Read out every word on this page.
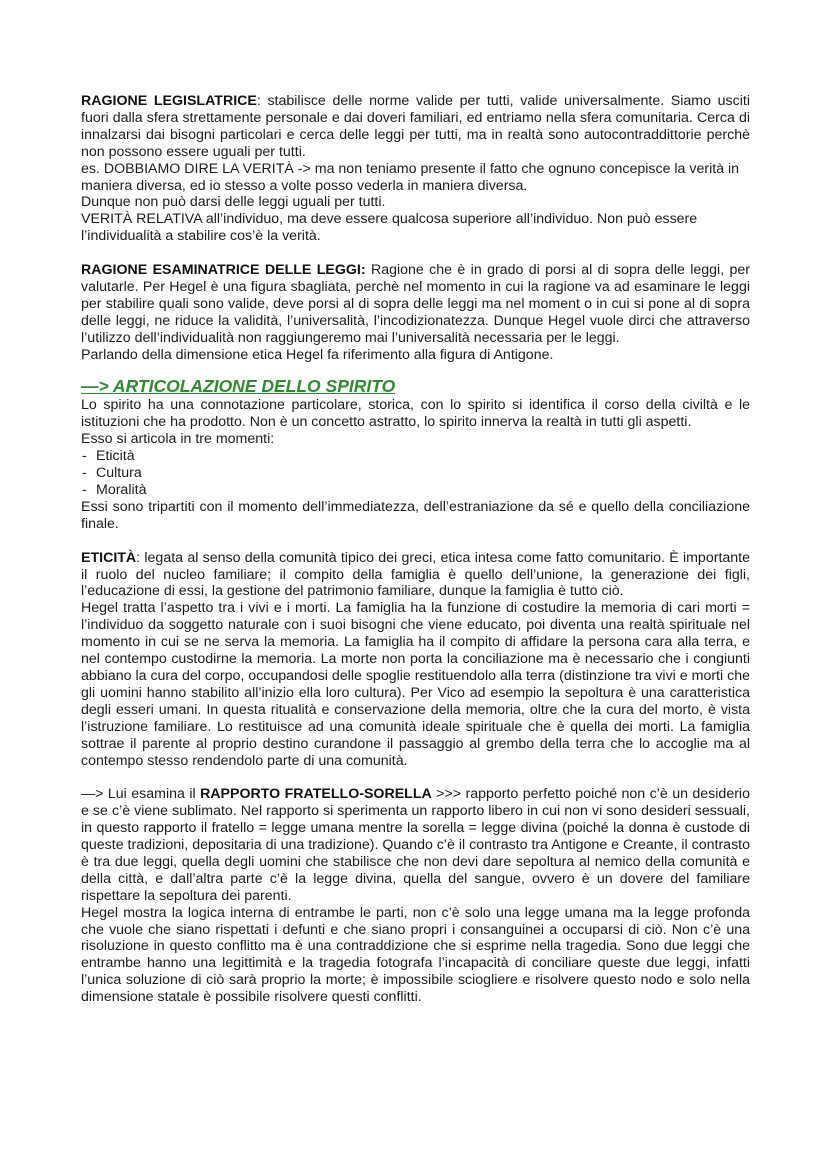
RAGIONE LEGISLATRICE: stabilisce delle norme valide per tutti, valide universalmente. Siamo usciti fuori dalla sfera strettamente personale e dai doveri familiari, ed entriamo nella sfera comunitaria. Cerca di innalzarsi dai bisogni particolari e cerca delle leggi per tutti, ma in realtà sono autocontraddittorie perchè non possono essere uguali per tutti.

es. DOBBIAMO DIRE LA VERITÀ -> ma non teniamo presente il fatto che ognuno concepisce la verità in maniera diversa, ed io stesso a volte posso vederla in maniera diversa.

Dunque non può darsi delle leggi uguali per tutti.

VERITÀ RELATIVA all’individuo, ma deve essere qualcosa superiore all’individuo. Non può essere l’individualità a stabilire cos’è la verità.

RAGIONE ESAMINATRICE DELLE LEGGI: Ragione che è in grado di porsi al di sopra delle leggi, per valutarle. Per Hegel è una figura sbagliata, perchè nel momento in cui la ragione va ad esaminare le leggi per stabilire quali sono valide, deve porsi al di sopra delle leggi ma nel moment o in cui si pone al di sopra delle leggi, ne riduce la validità, l’universalità, l’incodizionatezza. Dunque Hegel vuole dirci che attraverso l’utilizzo dell’individualità non raggiungeremo mai l’universalità necessaria per le leggi.

Parlando della dimensione etica Hegel fa riferimento alla figura di Antigone.

—> ARTICOLAZIONE DELLO SPIRITO

Lo spirito ha una connotazione particolare, storica, con lo spirito si identifica il corso della civiltà e le istituzioni che ha prodotto. Non è un concetto astratto, lo spirito innerva la realtà in tutti gli aspetti.

Esso si articola in tre momenti:

- Eticità
- Cultura
- Moralità

Essi sono tripartiti con il momento dell’immediatezza, dell’estraniazione da sé e quello della conciliazione finale.

ETICITÀ: legata al senso della comunità tipico dei greci, etica intesa come fatto comunitario. È importante il ruolo del nucleo familiare; il compito della famiglia è quello dell’unione, la generazione dei figli, l’educazione di essi, la gestione del patrimonio familiare, dunque la famiglia è tutto ciò.

Hegel tratta l’aspetto tra i vivi e i morti. La famiglia ha la funzione di costudire la memoria di cari morti = l’individuo da soggetto naturale con i suoi bisogni che viene educato, poi diventa una realtà spirituale nel momento in cui se ne serva la memoria. La famiglia ha il compito di affidare la persona cara alla terra, e nel contempo custodirne la memoria. La morte non porta la conciliazione ma è necessario che i congiunti abbiano la cura del corpo, occupandosi delle spoglie restituendolo alla terra (distinzione tra vivi e morti che gli uomini hanno stabilito all’inizio ella loro cultura). Per Vico ad esempio la sepoltura è una caratteristica degli esseri umani. In questa ritualità e conservazione della memoria, oltre che la cura del morto, è vista l’istruzione familiare. Lo restituisce ad una comunità ideale spirituale che è quella dei morti. La famiglia sottrae il parente al proprio destino curandone il passaggio al grembo della terra che lo accoglie ma al contempo stesso rendendolo parte di una comunità.

—> Lui esamina il RAPPORTO FRATELLO-SORELLA >>> rapporto perfetto poiché non c’è un desiderio e se c’è viene sublimato. Nel rapporto si sperimenta un rapporto libero in cui non vi sono desideri sessuali, in questo rapporto il fratello = legge umana mentre la sorella = legge divina (poiché la donna è custode di queste tradizioni, depositaria di una tradizione). Quando c’è il contrasto tra Antigone e Creante, il contrasto è tra due leggi, quella degli uomini che stabilisce che non devi dare sepoltura al nemico della comunità e della città, e dall’altra parte c’è la legge divina, quella del sangue, ovvero è un dovere del familiare rispettare la sepoltura dei parenti.

Hegel mostra la logica interna di entrambe le parti, non c’è solo una legge umana ma la legge profonda che vuole che siano rispettati i defunti e che siano propri i consanguinei a occuparsi di ciò. Non c’è una risoluzione in questo conflitto ma è una contraddizione che si esprime nella tragedia. Sono due leggi che entrambe hanno una legittimità e la tragedia fotografa l’incapacità di conciliare queste due leggi, infatti l’unica soluzione di ciò sarà proprio la morte; è impossibile sciogliere e risolvere questo nodo e solo nella dimensione statale è possibile risolvere questi conflitti.
